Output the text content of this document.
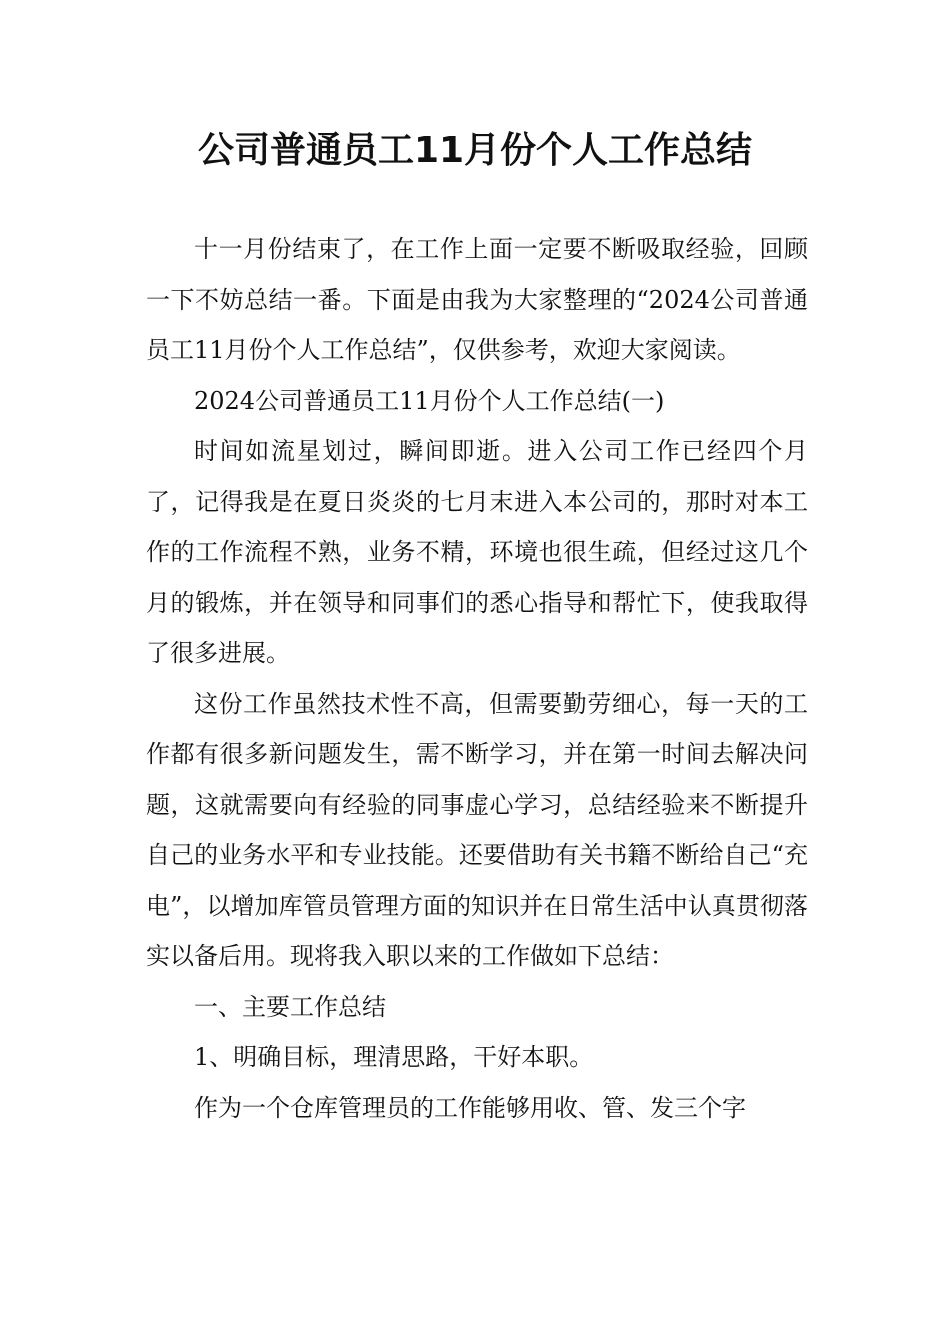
公司普通员工11月份个人工作总结

十一月份结束了，在工作上面一定要不断吸取经验，回顾一下不妨总结一番。下面是由我为大家整理的“2024公司普通员工11月份个人工作总结”，仅供参考，欢迎大家阅读。

2024公司普通员工11月份个人工作总结(一)

时间如流星划过，瞬间即逝。进入公司工作已经四个月了，记得我是在夏日炎炎的七月末进入本公司的，那时对本工作的工作流程不熟，业务不精，环境也很生疏，但经过这几个月的锻炼，并在领导和同事们的悉心指导和帮忙下，使我取得了很多进展。

这份工作虽然技术性不高，但需要勤劳细心，每一天的工作都有很多新问题发生，需不断学习，并在第一时间去解决问题，这就需要向有经验的同事虚心学习，总结经验来不断提升自己的业务水平和专业技能。还要借助有关书籍不断给自己“充电”，以增加库管员管理方面的知识并在日常生活中认真贯彻落实以备后用。现将我入职以来的工作做如下总结：

一、主要工作总结

1、明确目标，理清思路，干好本职。

作为一个仓库管理员的工作能够用收、管、发三个字
